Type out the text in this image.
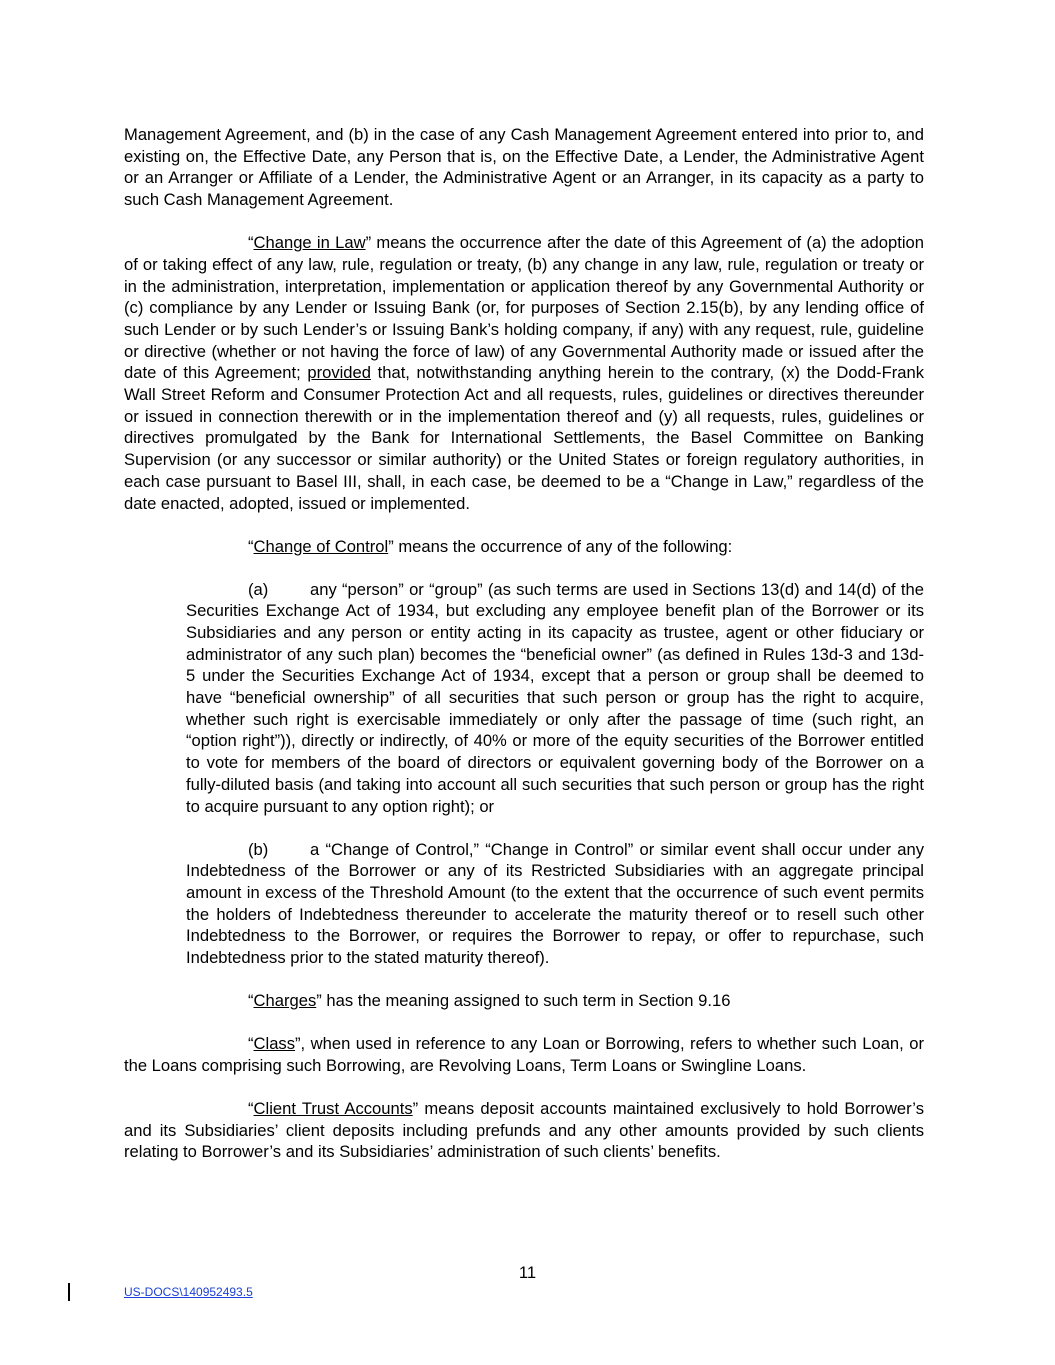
Management Agreement, and (b) in the case of any Cash Management Agreement entered into prior to, and existing on, the Effective Date, any Person that is, on the Effective Date, a Lender, the Administrative Agent or an Arranger or Affiliate of a Lender, the Administrative Agent or an Arranger, in its capacity as a party to such Cash Management Agreement.

“Change in Law” means the occurrence after the date of this Agreement of (a) the adoption of or taking effect of any law, rule, regulation or treaty, (b) any change in any law, rule, regulation or treaty or in the administration, interpretation, implementation or application thereof by any Governmental Authority or (c) compliance by any Lender or Issuing Bank (or, for purposes of Section 2.15(b), by any lending office of such Lender or by such Lender’s or Issuing Bank’s holding company, if any) with any request, rule, guideline or directive (whether or not having the force of law) of any Governmental Authority made or issued after the date of this Agreement; provided that, notwithstanding anything herein to the contrary, (x) the Dodd-Frank Wall Street Reform and Consumer Protection Act and all requests, rules, guidelines or directives thereunder or issued in connection therewith or in the implementation thereof and (y) all requests, rules, guidelines or directives promulgated by the Bank for International Settlements, the Basel Committee on Banking Supervision (or any successor or similar authority) or the United States or foreign regulatory authorities, in each case pursuant to Basel III, shall, in each case, be deemed to be a “Change in Law,” regardless of the date enacted, adopted, issued or implemented.

“Change of Control” means the occurrence of any of the following:

(a)	any “person” or “group” (as such terms are used in Sections 13(d) and 14(d) of the Securities Exchange Act of 1934, but excluding any employee benefit plan of the Borrower or its Subsidiaries and any person or entity acting in its capacity as trustee, agent or other fiduciary or administrator of any such plan) becomes the “beneficial owner” (as defined in Rules 13d-3 and 13d-5 under the Securities Exchange Act of 1934, except that a person or group shall be deemed to have “beneficial ownership” of all securities that such person or group has the right to acquire, whether such right is exercisable immediately or only after the passage of time (such right, an “option right”)), directly or indirectly, of 40% or more of the equity securities of the Borrower entitled to vote for members of the board of directors or equivalent governing body of the Borrower on a fully-diluted basis (and taking into account all such securities that such person or group has the right to acquire pursuant to any option right); or

(b)	a “Change of Control,” “Change in Control” or similar event shall occur under any Indebtedness of the Borrower or any of its Restricted Subsidiaries with an aggregate principal amount in excess of the Threshold Amount (to the extent that the occurrence of such event permits the holders of Indebtedness thereunder to accelerate the maturity thereof or to resell such other Indebtedness to the Borrower, or requires the Borrower to repay, or offer to repurchase, such Indebtedness prior to the stated maturity thereof).

“Charges” has the meaning assigned to such term in Section 9.16

“Class”, when used in reference to any Loan or Borrowing, refers to whether such Loan, or the Loans comprising such Borrowing, are Revolving Loans, Term Loans or Swingline Loans.

“Client Trust Accounts” means deposit accounts maintained exclusively to hold Borrower’s and its Subsidiaries’ client deposits including prefunds and any other amounts provided by such clients relating to Borrower’s and its Subsidiaries’ administration of such clients’ benefits.

11
US-DOCS\140952493.5
